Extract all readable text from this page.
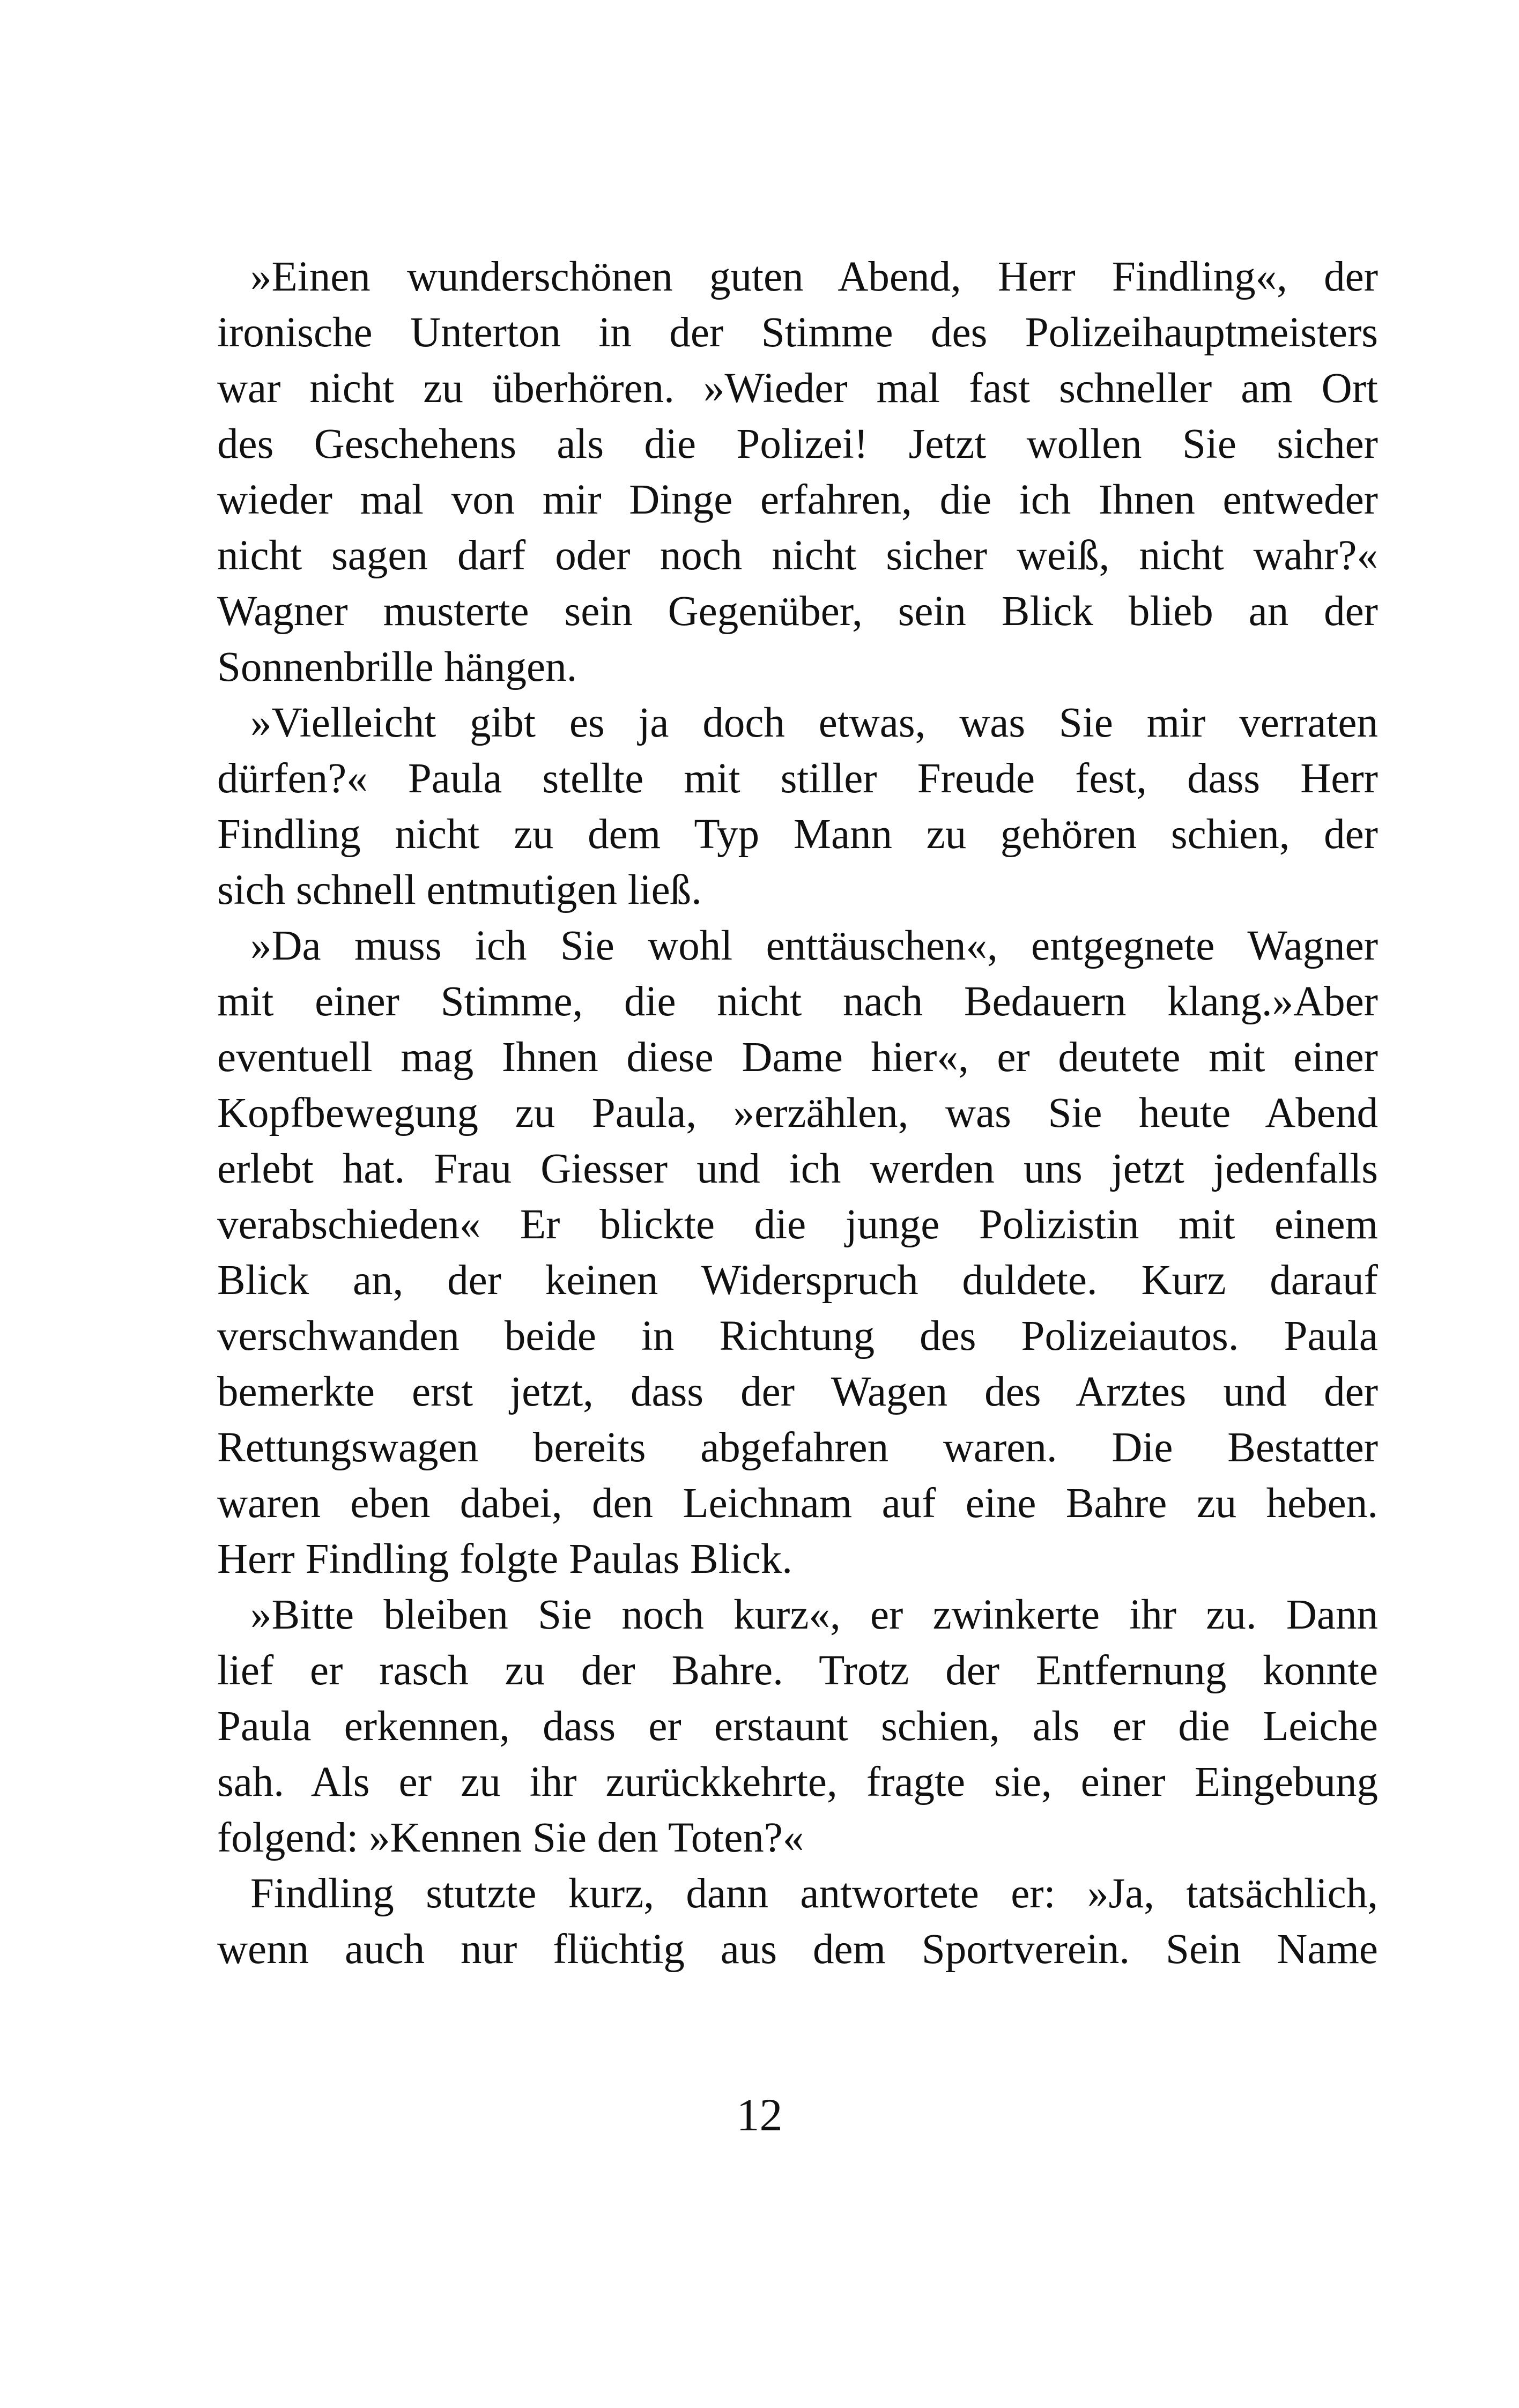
»Einen wunderschönen guten Abend, Herr Findling«, der
ironische Unterton in der Stimme des Polizeihauptmeisters
war nicht zu überhören. »Wieder mal fast schneller am Ort
des Geschehens als die Polizei! Jetzt wollen Sie sicher
wieder mal von mir Dinge erfahren, die ich Ihnen entweder
nicht sagen darf oder noch nicht sicher weiß, nicht wahr?«
Wagner musterte sein Gegenüber, sein Blick blieb an der
Sonnenbrille hängen.
»Vielleicht gibt es ja doch etwas, was Sie mir verraten
dürfen?« Paula stellte mit stiller Freude fest, dass Herr
Findling nicht zu dem Typ Mann zu gehören schien, der
sich schnell entmutigen ließ.
»Da muss ich Sie wohl enttäuschen«, entgegnete Wagner
mit einer Stimme, die nicht nach Bedauern klang.»Aber
eventuell mag Ihnen diese Dame hier«, er deutete mit einer
Kopfbewegung zu Paula, »erzählen, was Sie heute Abend
erlebt hat. Frau Giesser und ich werden uns jetzt jedenfalls
verabschieden« Er blickte die junge Polizistin mit einem
Blick an, der keinen Widerspruch duldete. Kurz darauf
verschwanden beide in Richtung des Polizeiautos. Paula
bemerkte erst jetzt, dass der Wagen des Arztes und der
Rettungswagen bereits abgefahren waren. Die Bestatter
waren eben dabei, den Leichnam auf eine Bahre zu heben.
Herr Findling folgte Paulas Blick.
»Bitte bleiben Sie noch kurz«, er zwinkerte ihr zu. Dann
lief er rasch zu der Bahre. Trotz der Entfernung konnte
Paula erkennen, dass er erstaunt schien, als er die Leiche
sah. Als er zu ihr zurückkehrte, fragte sie, einer Eingebung
folgend: »Kennen Sie den Toten?«
Findling stutzte kurz, dann antwortete er: »Ja, tatsächlich,
wenn auch nur flüchtig aus dem Sportverein. Sein Name
12
